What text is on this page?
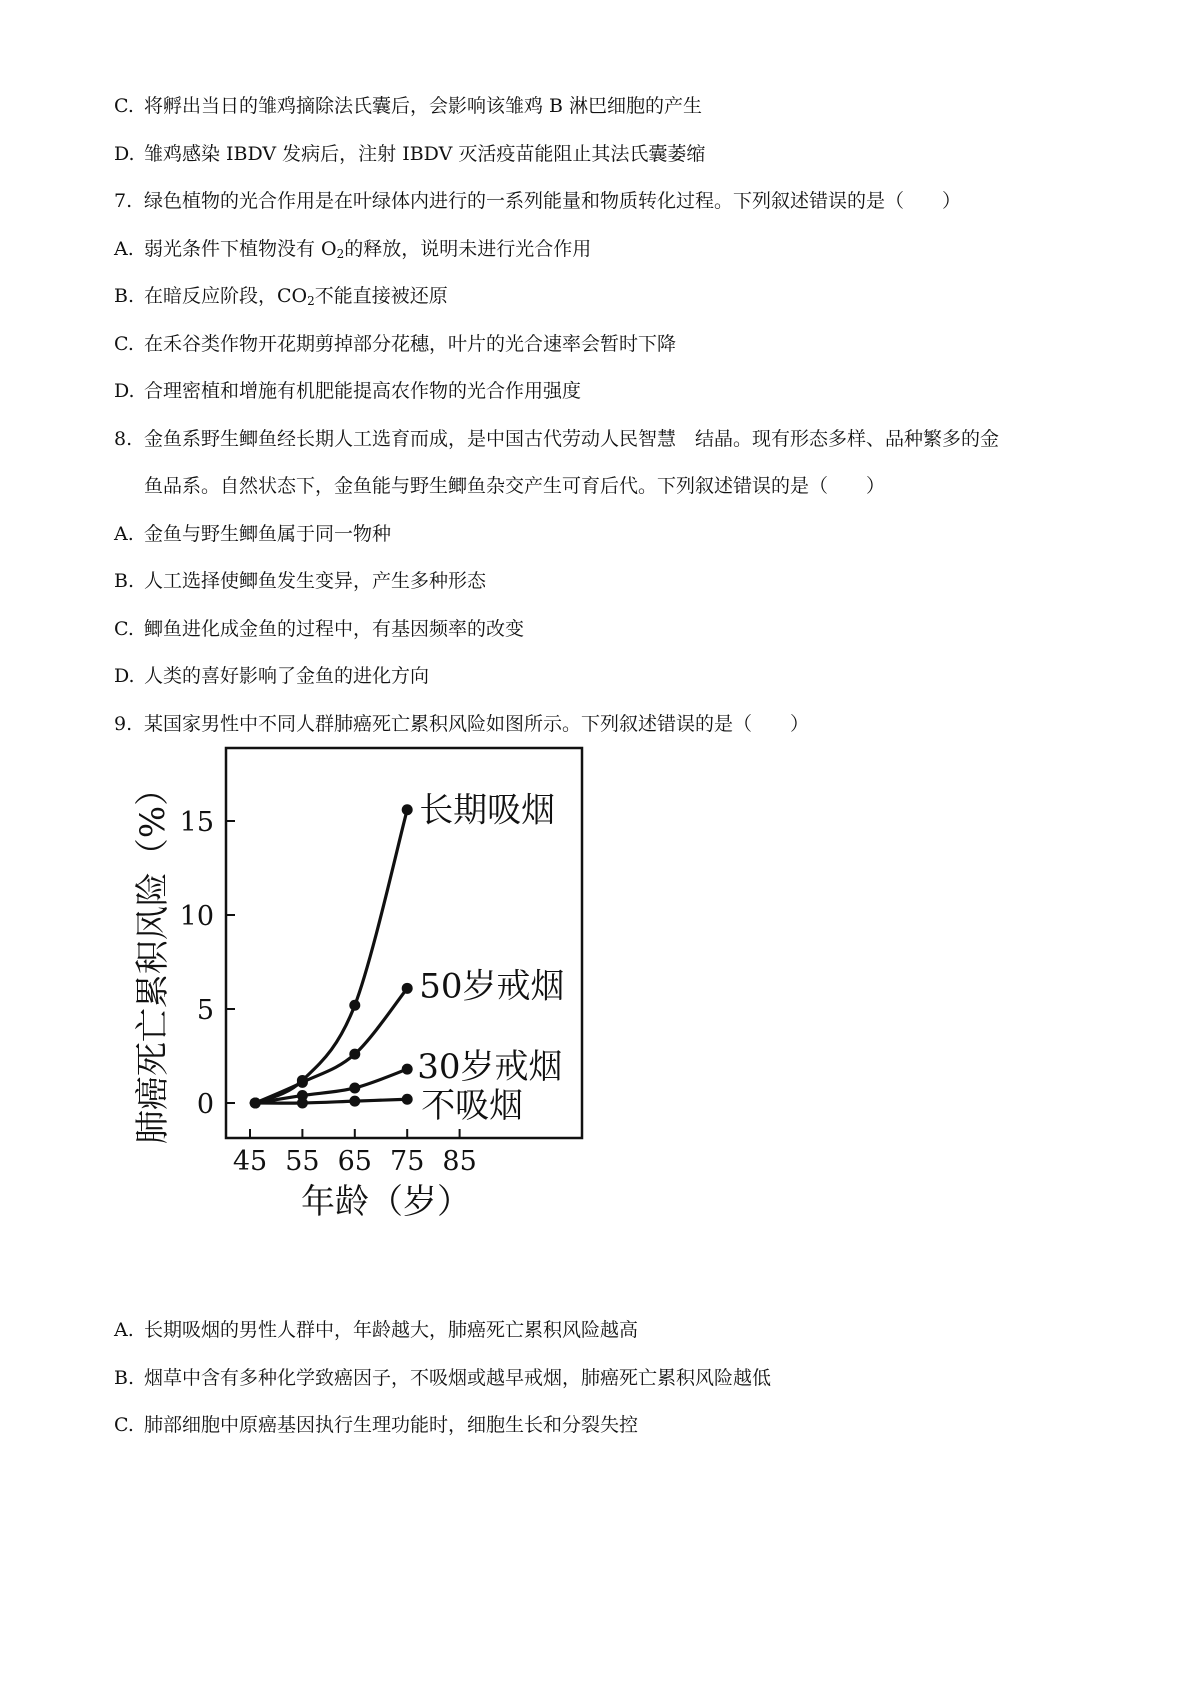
C. 将孵出当日的雏鸡摘除法氏囊后，会影响该雏鸡 B 淋巴细胞的产生
D. 雏鸡感染 IBDV 发病后，注射 IBDV 灭活疫苗能阻止其法氏囊萎缩
7. 绿色植物的光合作用是在叶绿体内进行的一系列能量和物质转化过程。下列叙述错误的是（　　）
A. 弱光条件下植物没有 $O_2$的释放，说明未进行光合作用
B. 在暗反应阶段，$CO_2$不能直接被还原
C. 在禾谷类作物开花期剪掉部分花穗，叶片的光合速率会暂时下降
D. 合理密植和增施有机肥能提高农作物的光合作用强度
8. 金鱼系野生鲫鱼经长期人工选育而成，是中国古代劳动人民智慧　结晶。现有形态多样、品种繁多的金
鱼品系。自然状态下，金鱼能与野生鲫鱼杂交产生可育后代。下列叙述错误的是（　　）
A. 金鱼与野生鲫鱼属于同一物种
B. 人工选择使鲫鱼发生变异，产生多种形态
C. 鲫鱼进化成金鱼的过程中，有基因频率的改变
D. 人类的喜好影响了金鱼的进化方向
9. 某国家男性中不同人群肺癌死亡累积风险如图所示。下列叙述错误的是（　　）
0
5
10
15
45 55 65 75 85
年龄（岁）
肺癌死亡累积风险（%）	长期吸烟
50岁戒烟
30岁戒烟
不吸烟
A. 长期吸烟的男性人群中，年龄越大，肺癌死亡累积风险越高
B. 烟草中含有多种化学致癌因子，不吸烟或越早戒烟，肺癌死亡累积风险越低
C. 肺部细胞中原癌基因执行生理功能时，细胞生长和分裂失控
